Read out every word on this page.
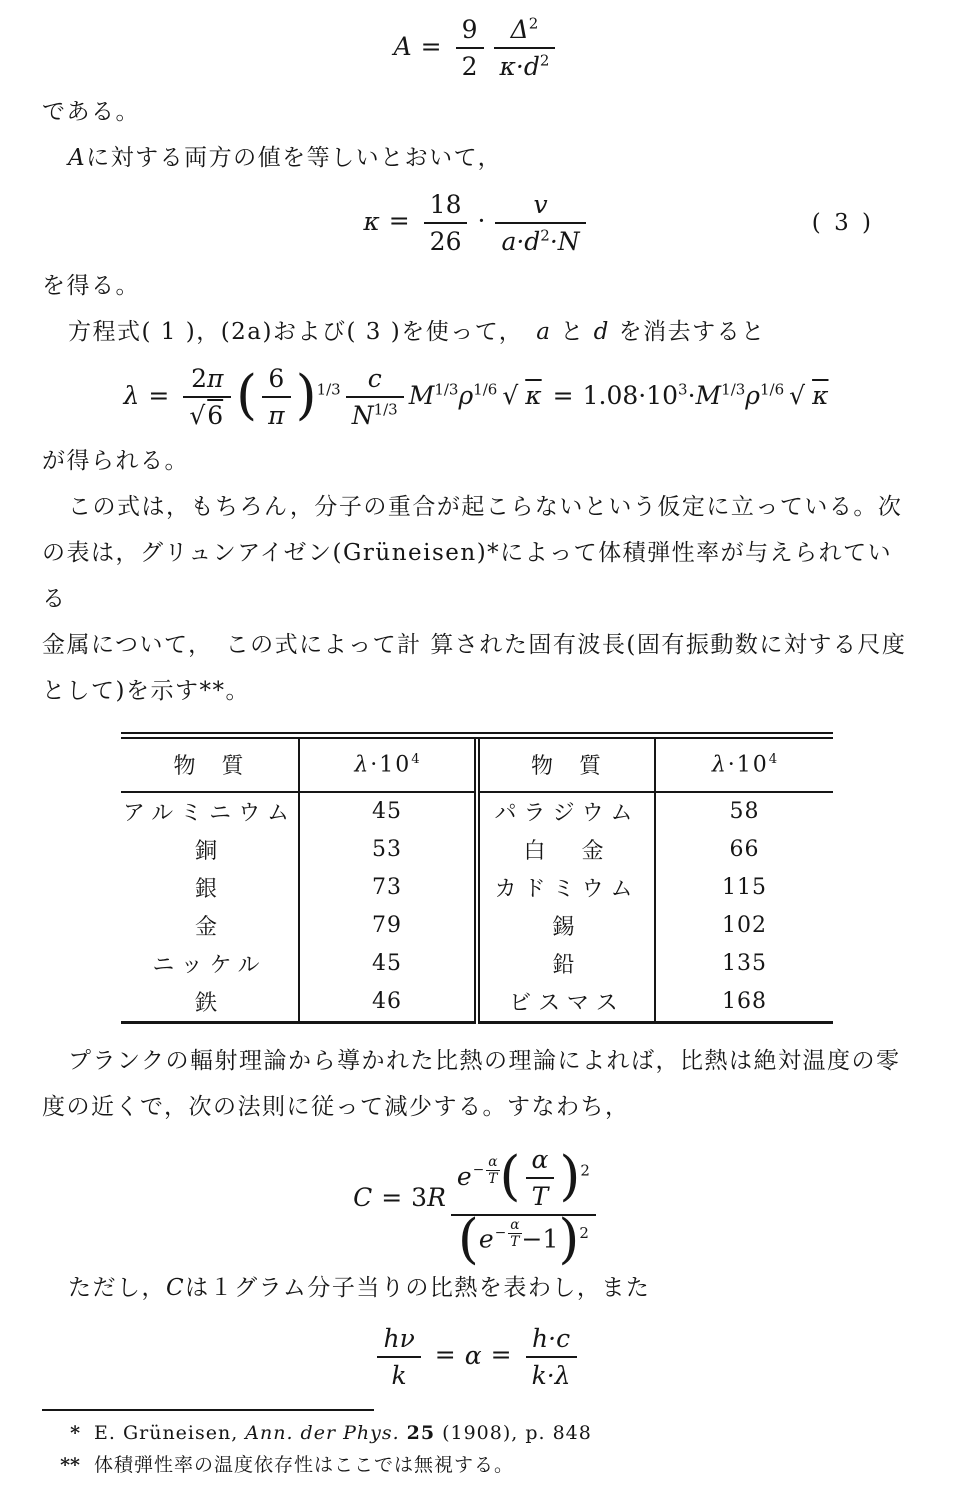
$A = \frac{9}{2} \frac{\Delta^2}{\kappa\cdot d^2}$

である。

Aに対する両方の値を等しいとおいて，

$\kappa = \frac{18}{26} \cdot \frac{v}{a\cdot d^2\cdot N}$	( 3 )

を得る。

方程式( 1 )，(2a)および( 3 )を使って，　a と d を消去すると

$\lambda = \frac{2\pi}{√6}$ ( $\frac{6}{\pi} )^{1/3} \frac{c}{N^{1/3}} M^{1/3}\rho^{1/6}$ √ $\kappa = 1.08\cdot 10^3\cdot M^{1/3}\rho^{1/6}$ √ κ

が得られる。

この式は，もちろん，分子の重合が起こらないという仮定に立っている。次

の表は，グリュンアイゼン(Grüneisen)*によって体積弾性率が与えられている

金属について，　この式によって計 算された固有波長(固有振動数に対する尺度

として)を示す**。

物　質	$\lambda\cdot 10^4$	物　質	$\lambda\cdot 10^4$
アルミニウム	45	パラジウム	58
銅	53	白　金	66
銀	73	カドミウム	115
金	79	錫	102
ニッケル	45	鉛	135
鉄	46	ビスマス	168

プランクの輻射理論から導かれた比熱の理論によれば，比熱は絶対温度の零

度の近くで，次の法則に従って減少する。すなわち，

C = 3R $e^{- \frac{\alpha}{T}}$ ( $\frac{\alpha}{T} )^2$
$(e^{- \frac{\alpha}{T}} -1)^2$

ただし，Cは１グラム分子当りの比熱を表わし，また

$\frac{h\nu}{k} = \alpha = \frac{h\cdot c}{k\cdot\lambda}$
* E. Grüneisen, Ann. der Phys. 25 (1908), p. 848
** 体積弾性率の温度依存性はここでは無視する。
